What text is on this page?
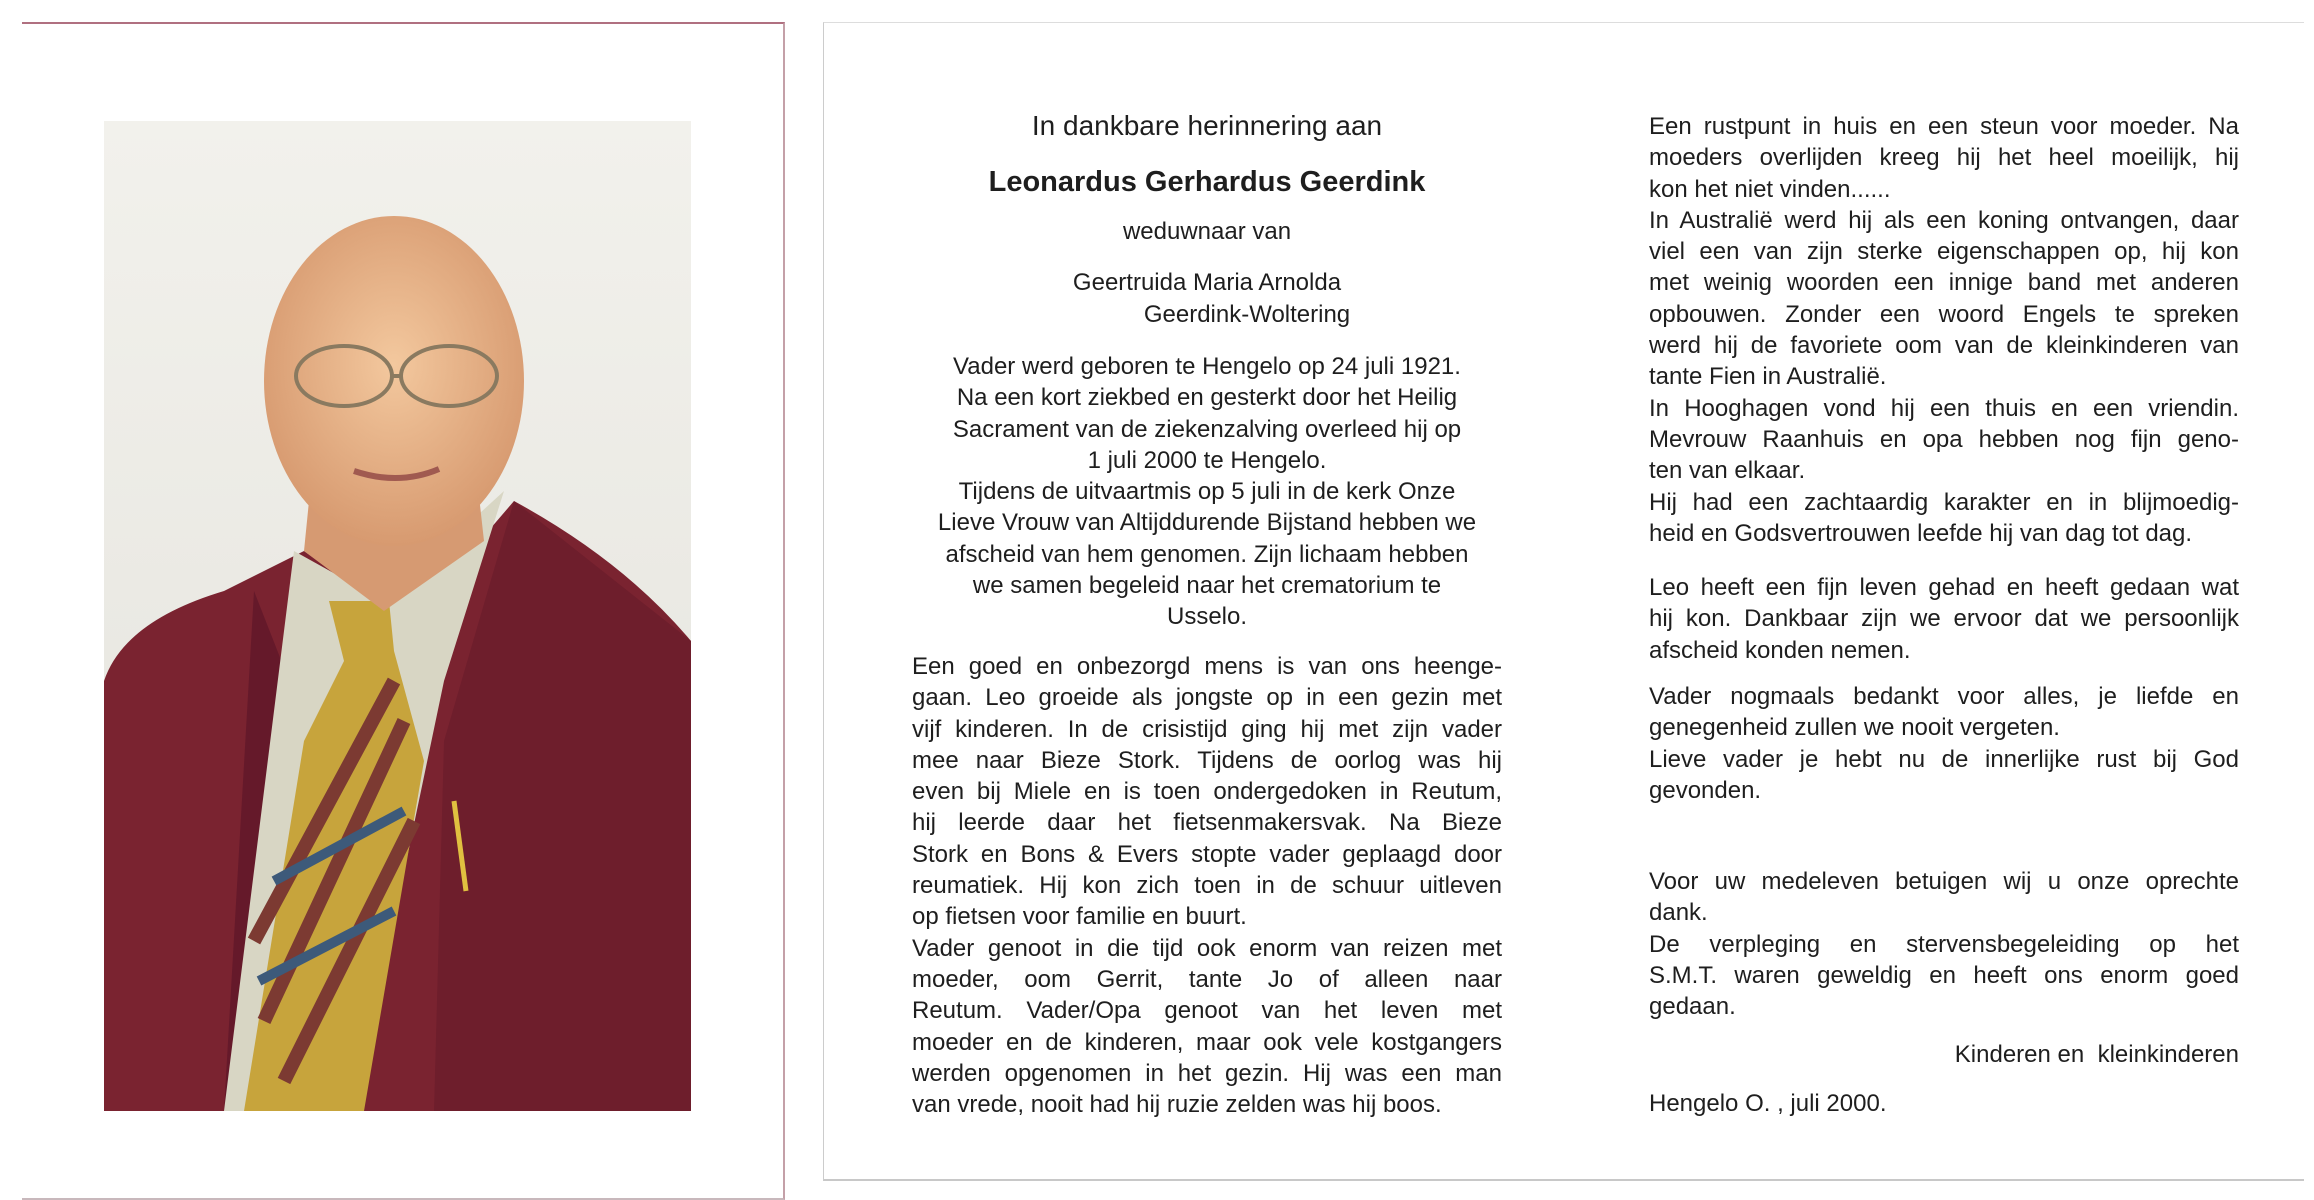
In dankbare herinnering aan
Leonardus Gerhardus Geerdink
weduwnaar van
Geertruida Maria Arnolda
Geerdink-Woltering
Vader werd geboren te Hengelo op 24 juli 1921.
Na een kort ziekbed en gesterkt door het Heilig
Sacrament van de ziekenzalving overleed hij op
1 juli 2000 te Hengelo.
Tijdens de uitvaartmis op 5 juli in de kerk Onze
Lieve Vrouw van Altijddurende Bijstand hebben we
afscheid van hem genomen. Zijn lichaam hebben
we samen begeleid naar het crematorium te
Usselo.
Een goed en onbezorgd mens is van ons heenge-
gaan. Leo groeide als jongste op in een gezin met
vijf kinderen. In de crisistijd ging hij met zijn vader
mee naar Bieze Stork. Tijdens de oorlog was hij
even bij Miele en is toen ondergedoken in Reutum,
hij leerde daar het fietsenmakersvak. Na Bieze
Stork en Bons & Evers stopte vader geplaagd door
reumatiek. Hij kon zich toen in de schuur uitleven
op fietsen voor familie en buurt.
Vader genoot in die tijd ook enorm van reizen met
moeder, oom Gerrit, tante Jo of alleen naar
Reutum. Vader/Opa genoot van het leven met
moeder en de kinderen, maar ook vele kostgangers
werden opgenomen in het gezin. Hij was een man
van vrede, nooit had hij ruzie zelden was hij boos.
Een rustpunt in huis en een steun voor moeder. Na
moeders overlijden kreeg hij het heel moeilijk, hij
kon het niet vinden......
In Australië werd hij als een koning ontvangen, daar
viel een van zijn sterke eigenschappen op, hij kon
met weinig woorden een innige band met anderen
opbouwen. Zonder een woord Engels te spreken
werd hij de favoriete oom van de kleinkinderen van
tante Fien in Australië.
In Hooghagen vond hij een thuis en een vriendin.
Mevrouw Raanhuis en opa hebben nog fijn geno-
ten van elkaar.
Hij had een zachtaardig karakter en in blijmoedig-
heid en Godsvertrouwen leefde hij van dag tot dag.
Leo heeft een fijn leven gehad en heeft gedaan wat
hij kon. Dankbaar zijn we ervoor dat we persoonlijk
afscheid konden nemen.
Vader nogmaals bedankt voor alles, je liefde en
genegenheid zullen we nooit vergeten.
Lieve vader je hebt nu de innerlijke rust bij God
gevonden.
Voor uw medeleven betuigen wij u onze oprechte
dank.
De verpleging en stervensbegeleiding op het
S.M.T. waren geweldig en heeft ons enorm goed
gedaan.
Kinderen en  kleinkinderen
Hengelo O. , juli 2000.
